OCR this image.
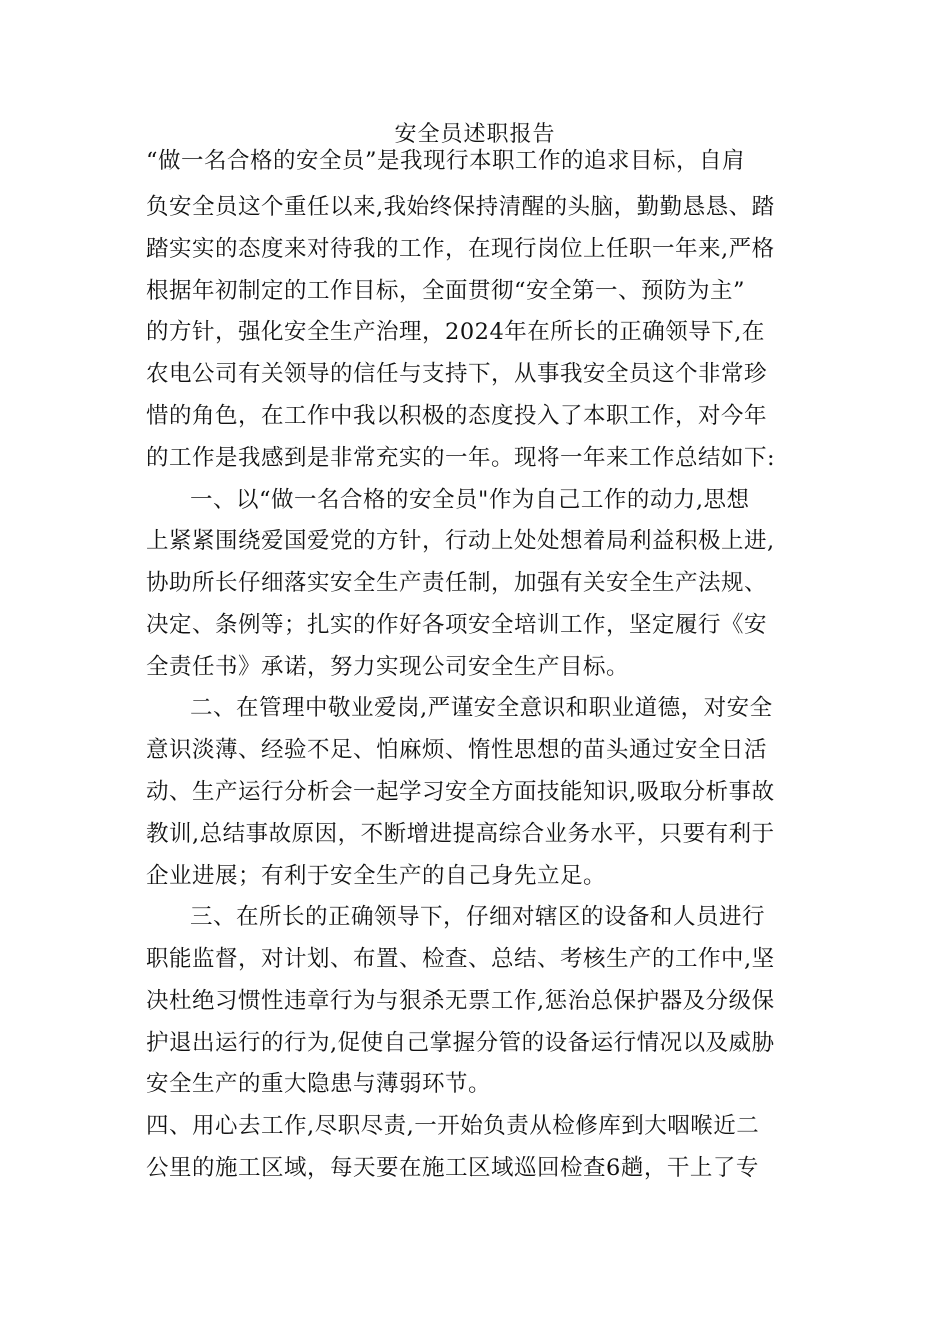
安全员述职报告
“做一名合格的安全员”是我现行本职工作的追求目标，自肩
负安全员这个重任以来,我始终保持清醒的头脑，勤勤恳恳、踏
踏实实的态度来对待我的工作，在现行岗位上任职一年来,严格
根据年初制定的工作目标，全面贯彻“安全第一、预防为主”
的方针，强化安全生产治理，2024年在所长的正确领导下,在
农电公司有关领导的信任与支持下，从事我安全员这个非常珍
惜的角色，在工作中我以积极的态度投入了本职工作，对今年
的工作是我感到是非常充实的一年。现将一年来工作总结如下:
一、以“做一名合格的安全员"作为自己工作的动力,思想
上紧紧围绕爱国爱党的方针，行动上处处想着局利益积极上进,
协助所长仔细落实安全生产责任制，加强有关安全生产法规、
决定、条例等；扎实的作好各项安全培训工作，坚定履行《安
全责任书》承诺，努力实现公司安全生产目标。
二、在管理中敬业爱岗,严谨安全意识和职业道德，对安全
意识淡薄、经验不足、怕麻烦、惰性思想的苗头通过安全日活
动、生产运行分析会一起学习安全方面技能知识,吸取分析事故
教训,总结事故原因，不断增进提高综合业务水平，只要有利于
企业进展；有利于安全生产的自己身先立足。
三、在所长的正确领导下，仔细对辖区的设备和人员进行
职能监督，对计划、布置、检查、总结、考核生产的工作中,坚
决杜绝习惯性违章行为与狠杀无票工作,惩治总保护器及分级保
护退出运行的行为,促使自己掌握分管的设备运行情况以及威胁
安全生产的重大隐患与薄弱环节。
四、用心去工作,尽职尽责,一开始负责从检修库到大咽喉近二
公里的施工区域，每天要在施工区域巡回检查6趟，干上了专
